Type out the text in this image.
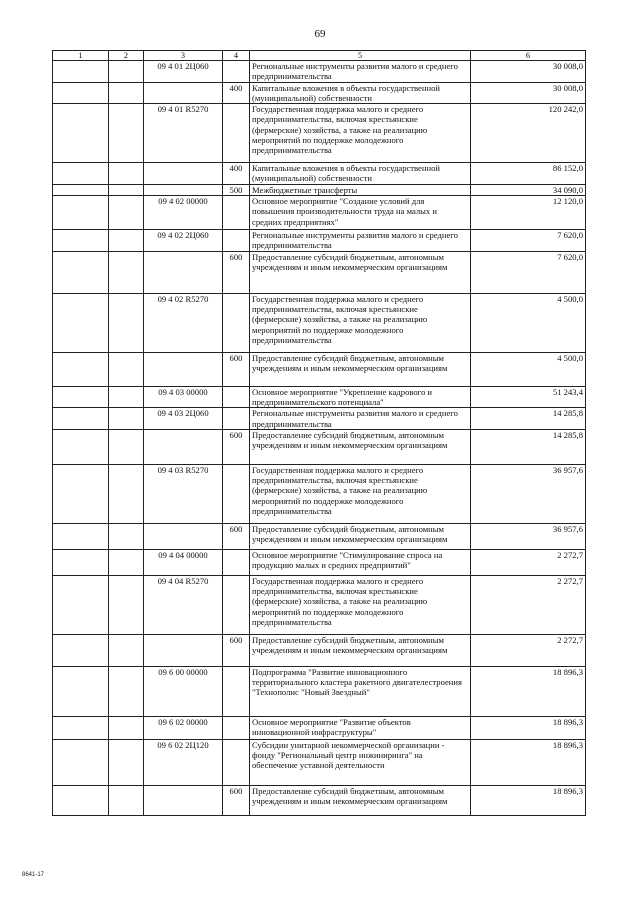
69
1	2	3	4	5	6
		09 4 01 2Ц060		Региональные инструменты развития малого и среднего предпринимательства	30 008,0
			400	Капитальные вложения в объекты государственной (муниципальной) собственности	30 008,0
		09 4 01 R5270		Государственная поддержка малого и среднего предпринимательства, включая крестьянские (фермерские) хозяйства, а также на реализацию мероприятий по поддержке молодежного предпринимательства	120 242,0
			400	Капитальные вложения в объекты государственной (муниципальной) собственности	86 152,0
			500	Межбюджетные трансферты	34 090,0
		09 4 02 00000		Основное мероприятие "Создание условий для повышения производительности труда на малых и средних предприятиях"	12 120,0
		09 4 02 2Ц060		Региональные инструменты развития малого и среднего предпринимательства	7 620,0
			600	Предоставление субсидий бюджетным, автономным учреждениям и иным некоммерческим организациям	7 620,0
		09 4 02 R5270		Государственная поддержка малого и среднего предпринимательства, включая крестьянские (фермерские) хозяйства, а также на реализацию мероприятий по поддержке молодежного предпринимательства	4 500,0
			600	Предоставление субсидий бюджетным, автономным учреждениям и иным некоммерческим организациям	4 500,0
		09 4 03 00000		Основное мероприятие "Укрепление кадрового и предпринимательского потенциала"	51 243,4
		09 4 03 2Ц060		Региональные инструменты развития малого и среднего предпринимательства	14 285,8
			600	Предоставление субсидий бюджетным, автономным учреждениям и иным некоммерческим организациям	14 285,8
		09 4 03 R5270		Государственная поддержка малого и среднего предпринимательства, включая крестьянские (фермерские) хозяйства, а также на реализацию мероприятий по поддержке молодежного предпринимательства	36 957,6
			600	Предоставление субсидий бюджетным, автономным учреждениям и иным некоммерческим организациям	36 957,6
		09 4 04 00000		Основное мероприятие "Стимулирование спроса на продукцию малых и средних предприятий"	2 272,7
		09 4 04 R5270		Государственная поддержка малого и среднего предпринимательства, включая крестьянские (фермерские) хозяйства, а также на реализацию мероприятий по поддержке молодежного предпринимательства	2 272,7
			600	Предоставление субсидий бюджетным, автономным учреждениям и иным некоммерческим организациям	2 272,7
		09 6 00 00000		Подпрограмма "Развитие инновационного территориального кластера ракетного двигателестроения "Технополис "Новый Звездный"	18 896,3
		09 6 02 00000		Основное мероприятие "Развитие объектов инновационной инфраструктуры"	18 896,3
		09 6 02 2Ц120		Субсидии унитарной некоммерческой организации - фонду "Региональный центр инжиниринга" на обеспечение уставной деятельности	18 896,3
			600	Предоставление субсидий бюджетным, автономным учреждениям и иным некоммерческим организациям	18 896,3
8641-17
